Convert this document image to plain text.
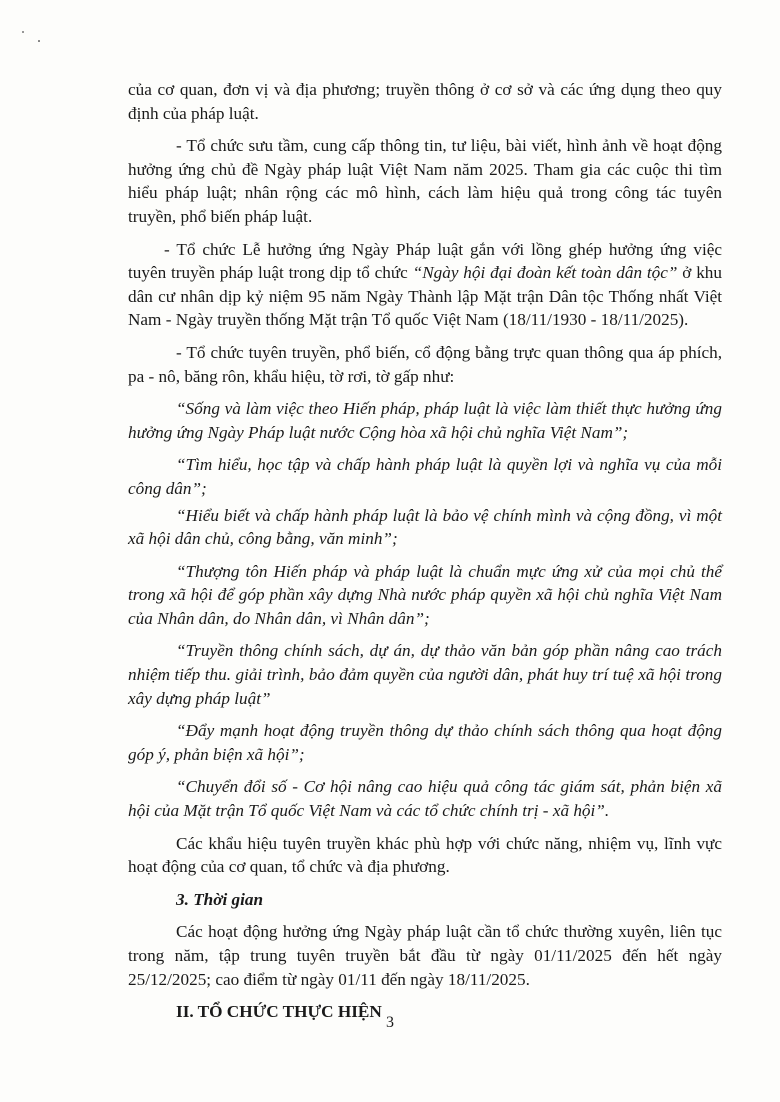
của cơ quan, đơn vị và địa phương; truyền thông ở cơ sở và các ứng dụng theo quy định của pháp luật.

- Tổ chức sưu tầm, cung cấp thông tin, tư liệu, bài viết, hình ảnh về hoạt động hưởng ứng chủ đề Ngày pháp luật Việt Nam năm 2025. Tham gia các cuộc thi tìm hiểu pháp luật; nhân rộng các mô hình, cách làm hiệu quả trong công tác tuyên truyền, phổ biến pháp luật.

- Tổ chức Lễ hưởng ứng Ngày Pháp luật gắn với lồng ghép hưởng ứng việc tuyên truyền pháp luật trong dịp tổ chức “Ngày hội đại đoàn kết toàn dân tộc” ở khu dân cư nhân dịp kỷ niệm 95 năm Ngày Thành lập Mặt trận Dân tộc Thống nhất Việt Nam - Ngày truyền thống Mặt trận Tổ quốc Việt Nam (18/11/1930 - 18/11/2025).

- Tổ chức tuyên truyền, phổ biến, cổ động bằng trực quan thông qua áp phích, pa - nô, băng rôn, khẩu hiệu, tờ rơi, tờ gấp như:

“Sống và làm việc theo Hiến pháp, pháp luật là việc làm thiết thực hưởng ứng hưởng ứng Ngày Pháp luật nước Cộng hòa xã hội chủ nghĩa Việt Nam”;

“Tìm hiểu, học tập và chấp hành pháp luật là quyền lợi và nghĩa vụ của mỗi công dân”;

“Hiểu biết và chấp hành pháp luật là bảo vệ chính mình và cộng đồng, vì một xã hội dân chủ, công bằng, văn minh”;

“Thượng tôn Hiến pháp và pháp luật là chuẩn mực ứng xử của mọi chủ thể trong xã hội để góp phần xây dựng Nhà nước pháp quyền xã hội chủ nghĩa Việt Nam của Nhân dân, do Nhân dân, vì Nhân dân”;

“Truyền thông chính sách, dự án, dự thảo văn bản góp phần nâng cao trách nhiệm tiếp thu. giải trình, bảo đảm quyền của người dân, phát huy trí tuệ xã hội trong xây dựng pháp luật”

“Đẩy mạnh hoạt động truyền thông dự thảo chính sách thông qua hoạt động góp ý, phản biện xã hội”;

“Chuyển đổi số - Cơ hội nâng cao hiệu quả công tác giám sát, phản biện xã hội của Mặt trận Tổ quốc Việt Nam và các tổ chức chính trị - xã hội”.

Các khẩu hiệu tuyên truyền khác phù hợp với chức năng, nhiệm vụ, lĩnh vực hoạt động của cơ quan, tổ chức và địa phương.

3. Thời gian

Các hoạt động hưởng ứng Ngày pháp luật cần tổ chức thường xuyên, liên tục trong năm, tập trung tuyên truyền bắt đầu từ ngày 01/11/2025 đến hết ngày 25/12/2025; cao điểm từ ngày 01/11 đến ngày 18/11/2025.

II. TỔ CHỨC THỰC HIỆN

3
